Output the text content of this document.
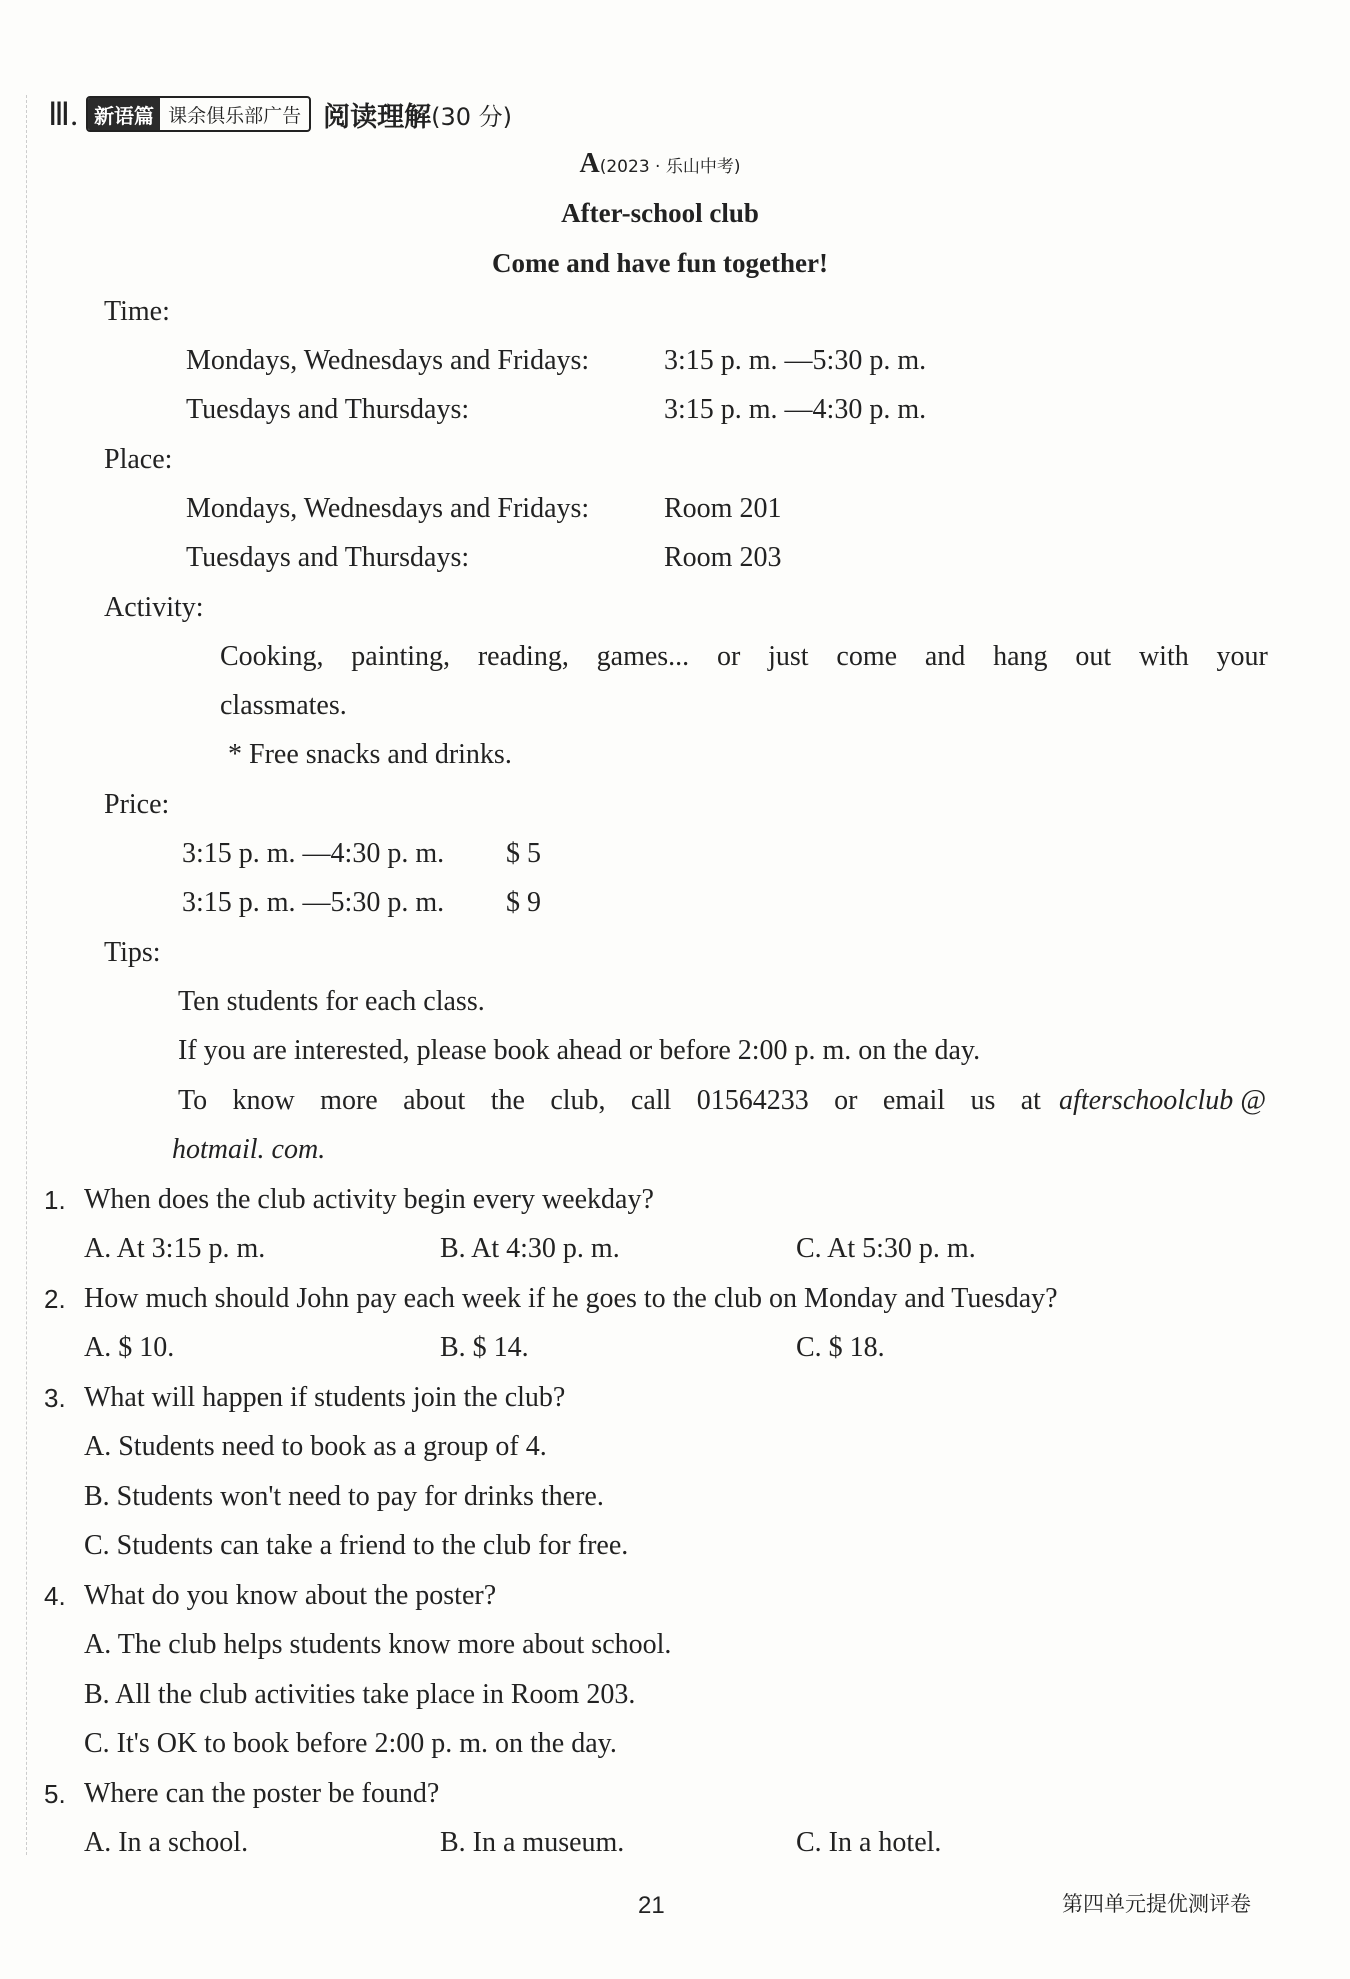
Ⅲ. 新语篇 课余俱乐部广告 阅读理解 (30 分)
A(2023 · 乐山中考)
After-school club
Come and have fun together!
Time:
Mondays, Wednesdays and Fridays:	3:15 p. m. —5:30 p. m.
Tuesdays and Thursdays:	3:15 p. m. —4:30 p. m.
Place:
Mondays, Wednesdays and Fridays:	Room 201
Tuesdays and Thursdays:	Room 203
Activity:
Cooking, painting, reading, games... or just come and hang out with your
classmates.
* Free snacks and drinks.
Price:
3:15 p. m. —4:30 p. m. $ 5
3:15 p. m. —5:30 p. m. $ 9
Tips:
Ten students for each class.
If you are interested, please book ahead or before 2:00 p. m. on the day.
To know more about the club, call 01564233 or email us at afterschoolclub @
hotmail. com.
1. When does the club activity begin every weekday?
A. At 3:15 p. m.	B. At 4:30 p. m.	C. At 5:30 p. m.
2. How much should John pay each week if he goes to the club on Monday and Tuesday?
A. $ 10.	B. $ 14.	C. $ 18.
3. What will happen if students join the club?
A. Students need to book as a group of 4.
B. Students won't need to pay for drinks there.
C. Students can take a friend to the club for free.
4. What do you know about the poster?
A. The club helps students know more about school.
B. All the club activities take place in Room 203.
C. It's OK to book before 2:00 p. m. on the day.
5. Where can the poster be found?
A. In a school.	B. In a museum.	C. In a hotel.
21	第四单元提优测评卷
